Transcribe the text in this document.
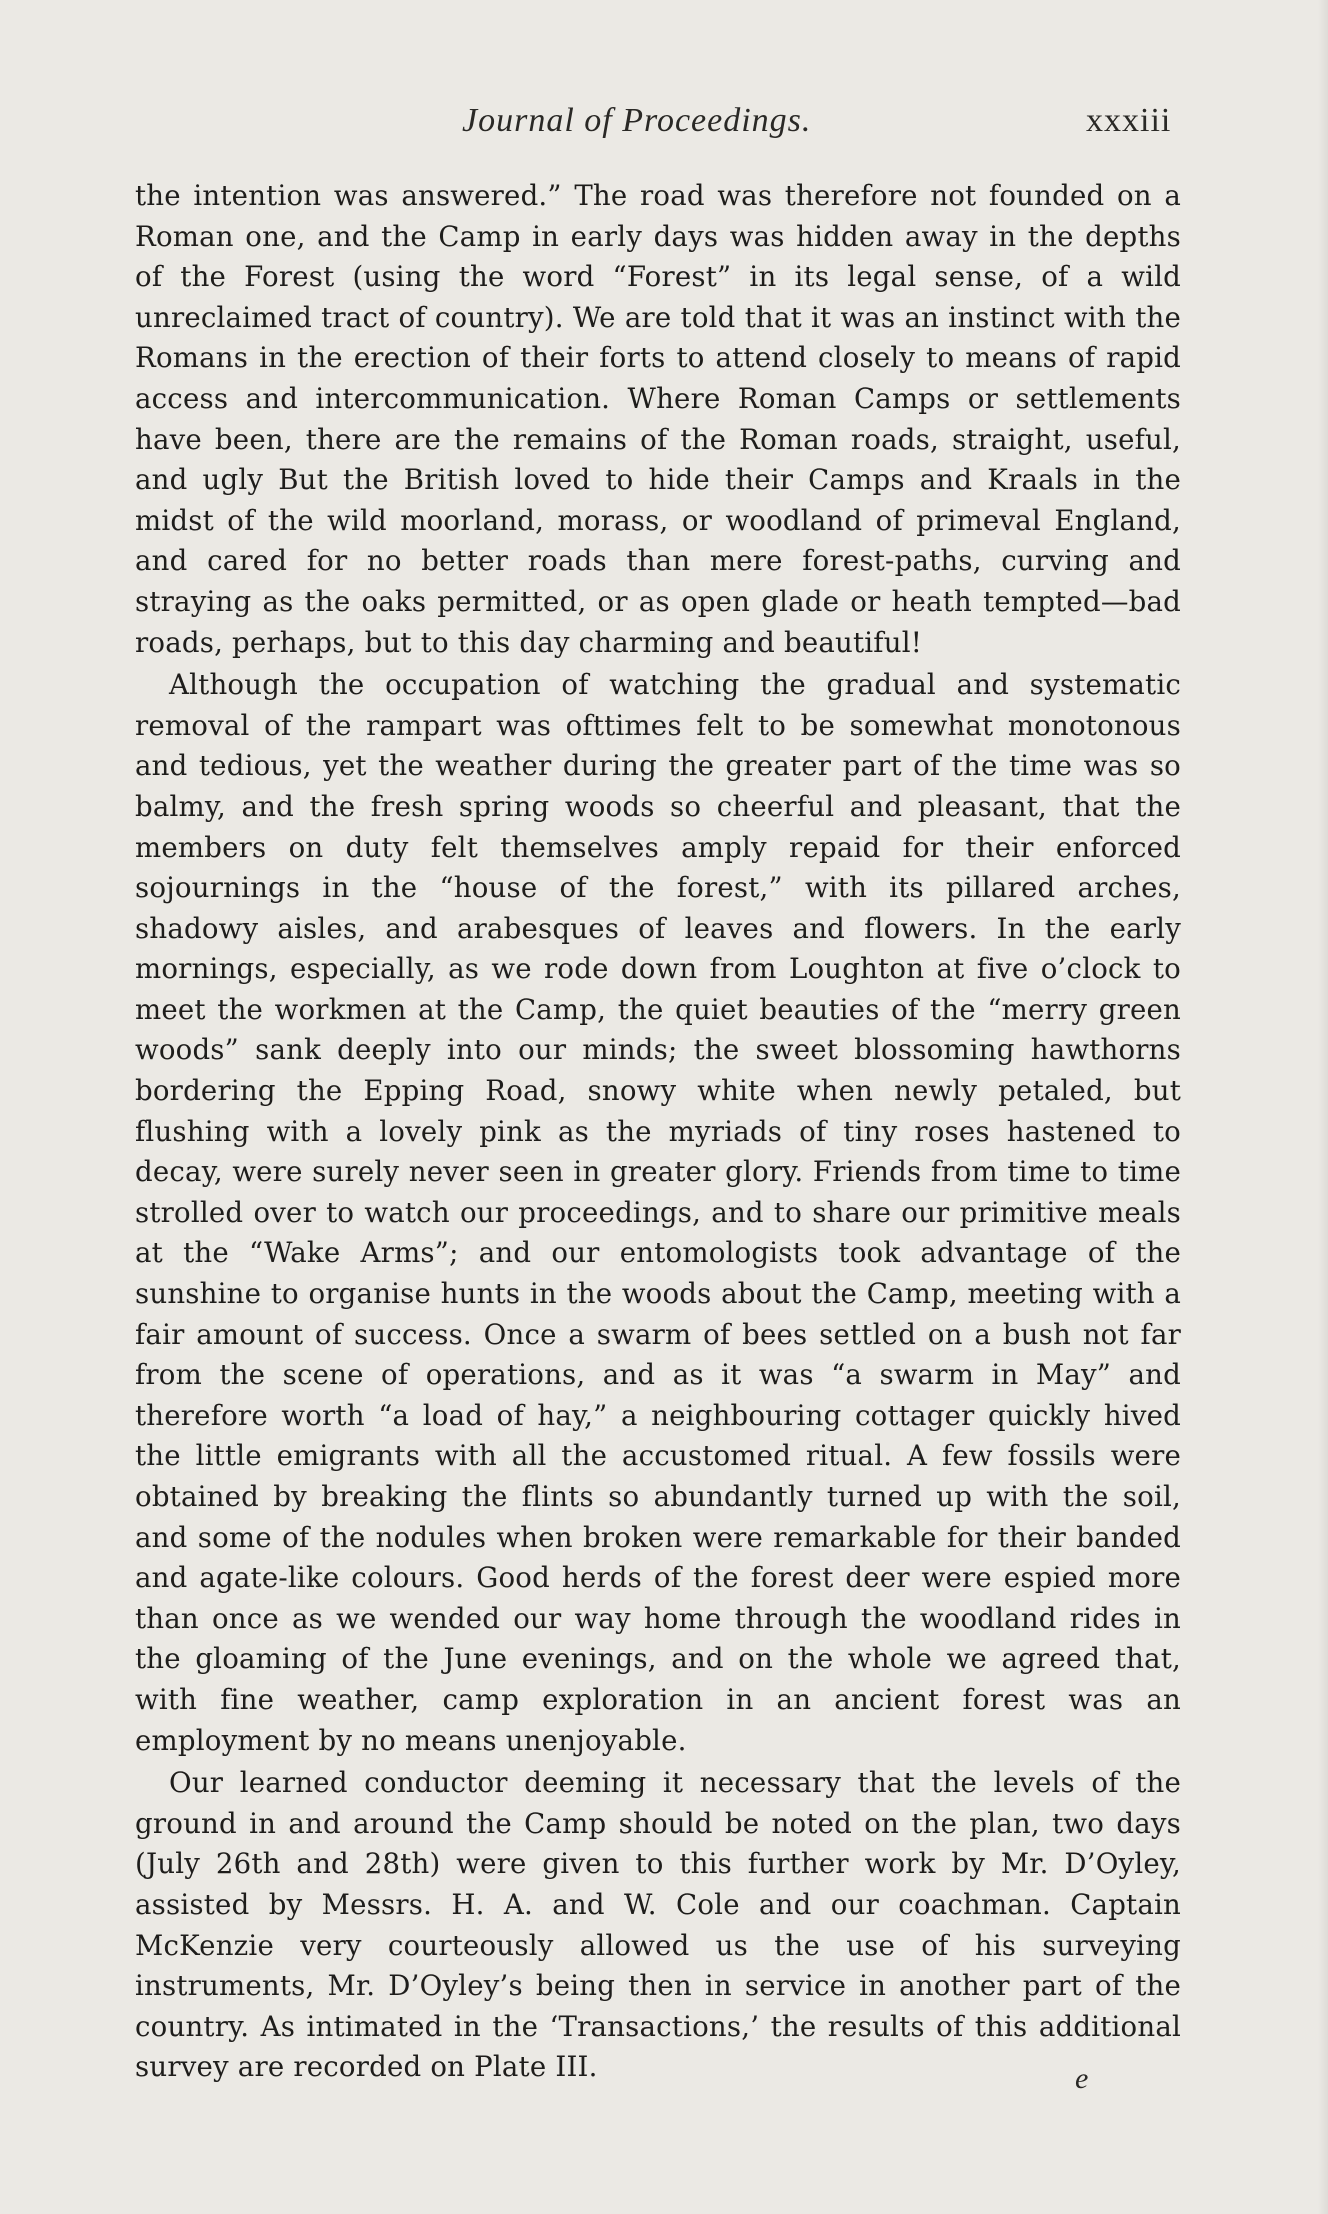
Journal of Proceedings.	xxxiii

the intention was answered.” The road was therefore not founded on a Roman one, and the Camp in early days was hidden away in the depths of the Forest (using the word “Forest” in its legal sense, of a wild unreclaimed tract of country). We are told that it was an instinct with the Romans in the erection of their forts to attend closely to means of rapid access and intercommunication. Where Roman Camps or settlements have been, there are the remains of the Roman roads, straight, useful, and ugly But the British loved to hide their Camps and Kraals in the midst of the wild moorland, morass, or woodland of primeval England, and cared for no better roads than mere forest-paths, curving and straying as the oaks permitted, or as open glade or heath tempted—bad roads, perhaps, but to this day charming and beautiful!

Although the occupation of watching the gradual and systematic removal of the rampart was ofttimes felt to be somewhat monotonous and tedious, yet the weather during the greater part of the time was so balmy, and the fresh spring woods so cheerful and pleasant, that the members on duty felt themselves amply repaid for their enforced sojournings in the “house of the forest,” with its pillared arches, shadowy aisles, and arabesques of leaves and flowers. In the early mornings, especially, as we rode down from Loughton at five o’clock to meet the workmen at the Camp, the quiet beauties of the “merry green woods” sank deeply into our minds; the sweet blossoming hawthorns bordering the Epping Road, snowy white when newly petaled, but flushing with a lovely pink as the myriads of tiny roses hastened to decay, were surely never seen in greater glory. Friends from time to time strolled over to watch our proceedings, and to share our primitive meals at the “Wake Arms”; and our entomologists took advantage of the sunshine to organise hunts in the woods about the Camp, meeting with a fair amount of success. Once a swarm of bees settled on a bush not far from the scene of operations, and as it was “a swarm in May” and therefore worth “a load of hay,” a neighbouring cottager quickly hived the little emigrants with all the accustomed ritual. A few fossils were obtained by breaking the flints so abundantly turned up with the soil, and some of the nodules when broken were remarkable for their banded and agate-like colours. Good herds of the forest deer were espied more than once as we wended our way home through the woodland rides in the gloaming of the June evenings, and on the whole we agreed that, with fine weather, camp exploration in an ancient forest was an employment by no means unenjoyable.

Our learned conductor deeming it necessary that the levels of the ground in and around the Camp should be noted on the plan, two days (July 26th and 28th) were given to this further work by Mr. D’Oyley, assisted by Messrs. H. A. and W. Cole and our coachman. Captain McKenzie very courteously allowed us the use of his surveying instruments, Mr. D’Oyley’s being then in service in another part of the country. As intimated in the ‘Transactions,’ the results of this additional survey are recorded on Plate III.	e
